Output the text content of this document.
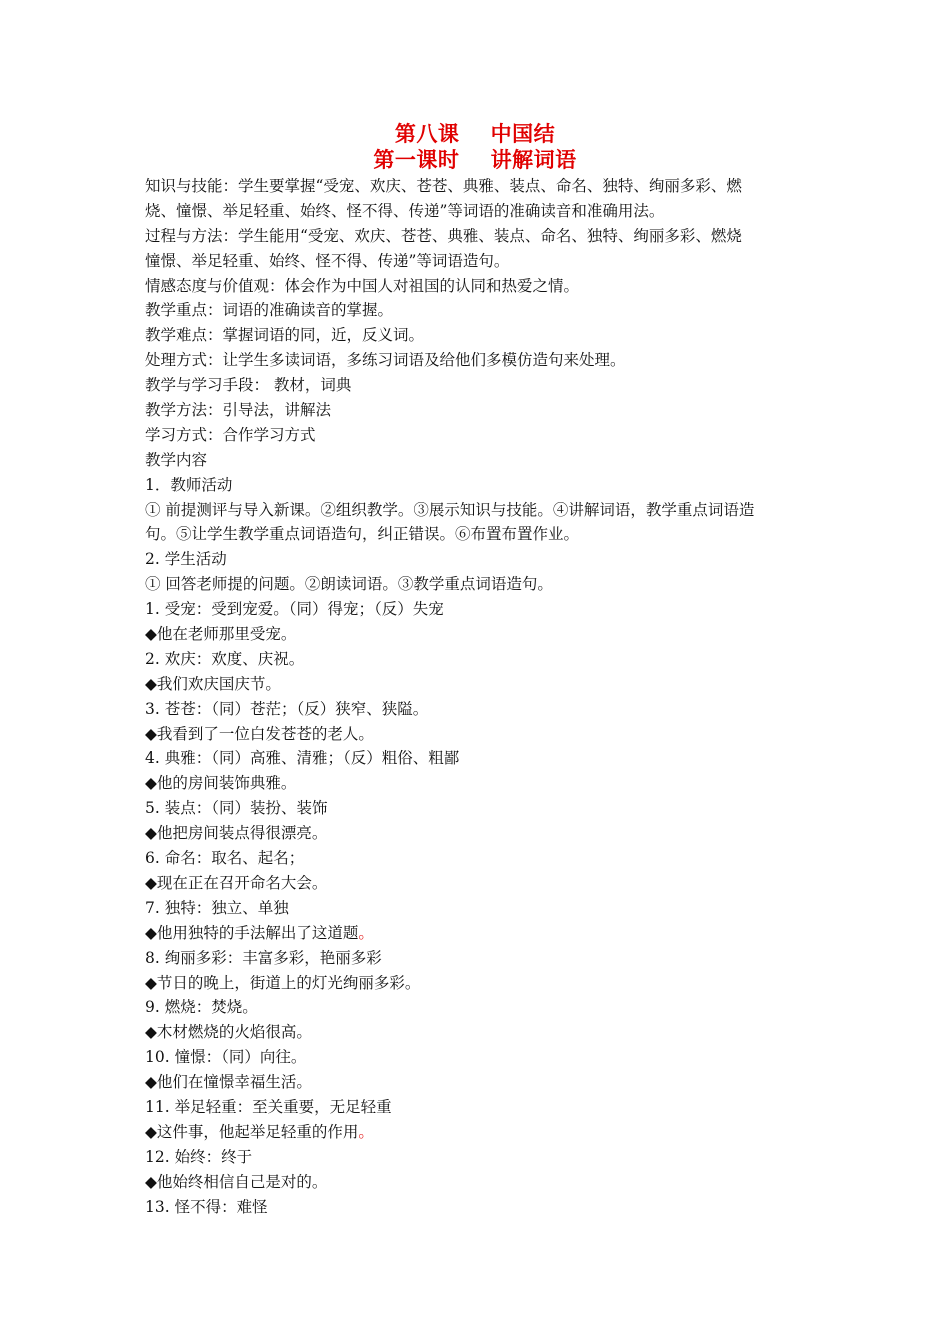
第八课    中国结
第一课时    讲解词语
知识与技能：学生要掌握“受宠、欢庆、苍苍、典雅、装点、命名、独特、绚丽多彩、燃
烧、憧憬、举足轻重、始终、怪不得、传递”等词语的准确读音和准确用法。
过程与方法：学生能用“受宠、欢庆、苍苍、典雅、装点、命名、独特、绚丽多彩、燃烧
憧憬、举足轻重、始终、怪不得、传递”等词语造句。
情感态度与价值观：体会作为中国人对祖国的认同和热爱之情。
教学重点：词语的准确读音的掌握。
教学难点：掌握词语的同，近，反义词。
处理方式：让学生多读词语，多练习词语及给他们多模仿造句来处理。
教学与学习手段： 教材，词典
教学方法：引导法，讲解法
学习方式：合作学习方式
教学内容
1．教师活动
① 前提测评与导入新课。②组织教学。③展示知识与技能。④讲解词语，教学重点词语造
句。⑤让学生教学重点词语造句，纠正错误。⑥布置布置作业。
2. 学生活动
① 回答老师提的问题。②朗读词语。③教学重点词语造句。
1. 受宠：受到宠爱。（同）得宠；（反）失宠
◆他在老师那里受宠。
2. 欢庆：欢度、庆祝。
◆我们欢庆国庆节。
3. 苍苍：（同）苍茫；（反）狭窄、狭隘。
◆我看到了一位白发苍苍的老人。
4. 典雅：（同）高雅、清雅；（反）粗俗、粗鄙
◆他的房间装饰典雅。
5. 装点：（同）装扮、装饰
◆他把房间装点得很漂亮。
6. 命名：取名、起名；
◆现在正在召开命名大会。
7. 独特：独立、单独
◆他用独特的手法解出了这道题。
8. 绚丽多彩：丰富多彩，艳丽多彩
◆节日的晚上，街道上的灯光绚丽多彩。
9. 燃烧：焚烧。
◆木材燃烧的火焰很高。
10. 憧憬：（同）向往。
◆他们在憧憬幸福生活。
11. 举足轻重：至关重要，无足轻重
◆这件事，他起举足轻重的作用。
12. 始终：终于
◆他始终相信自己是对的。
13. 怪不得：难怪
